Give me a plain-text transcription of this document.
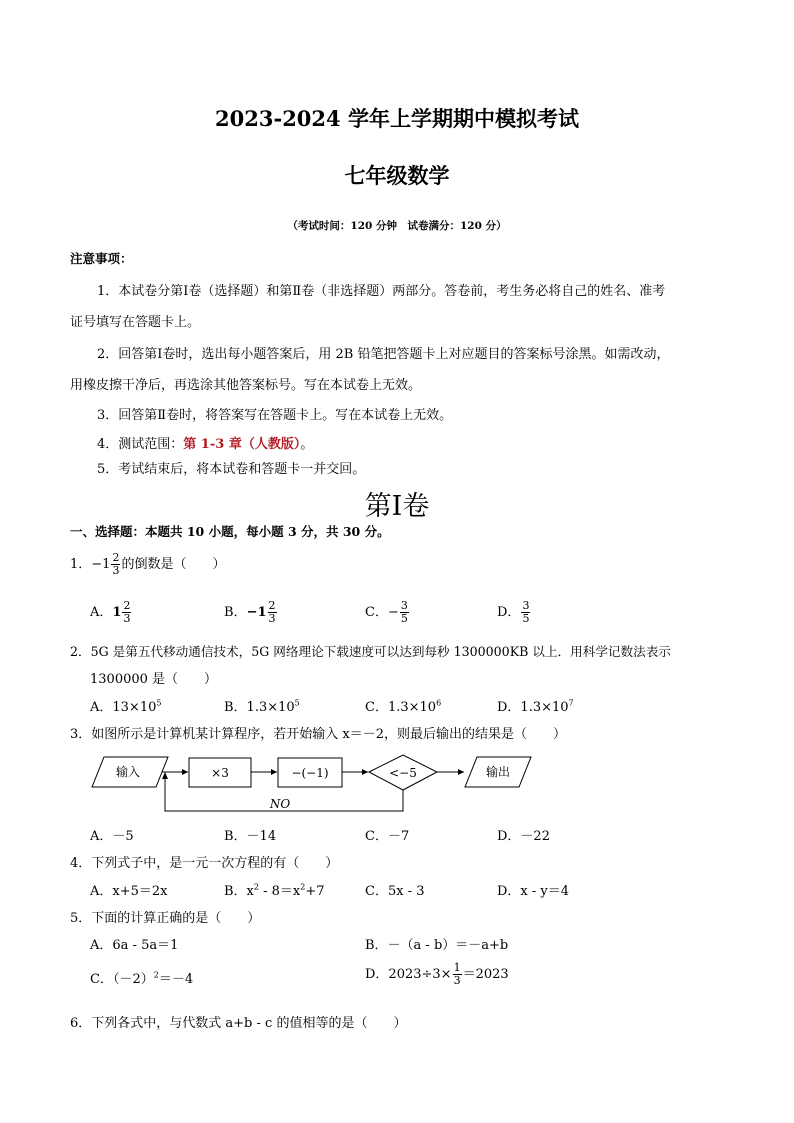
2023-2024 学年上学期期中模拟考试
七年级数学
（考试时间：120 分钟　试卷满分：120 分）
注意事项：
1．本试卷分第Ⅰ卷（选择题）和第Ⅱ卷（非选择题）两部分。答卷前，考生务必将自己的姓名、准考
证号填写在答题卡上。
2．回答第Ⅰ卷时，选出每小题答案后，用 2B 铅笔把答题卡上对应题目的答案标号涂黑。如需改动，
用橡皮擦干净后，再选涂其他答案标号。写在本试卷上无效。
3．回答第Ⅱ卷时，将答案写在答题卡上。写在本试卷上无效。
4．测试范围：第 1-3 章（人教版）。
5．考试结束后，将本试卷和答题卡一并交回。
第Ⅰ卷
一、选择题：本题共 10 小题，每小题 3 分，共 30 分。
1．$-1 \frac{2}{3}$ 的倒数是（　　）
A．$1 \frac{2}{3}$	B．$-1 \frac{2}{3}$	C．− $\frac{3}{5}$	D． $\frac{3}{5}$
2．5G 是第五代移动通信技术，5G 网络理论下载速度可以达到每秒 1300000KB 以上．用科学记数法表示
1300000 是（　　）
A．$13\times 10^5$	B．$1.3\times 10^5$	C．$1.3\times 10^6$	D．$1.3\times 10^7$
3．如图所示是计算机某计算程序，若开始输入 x＝－2，则最后输出的结果是（　　）
输入	×3	−(−1)	<−5	输出
NO
A．－5	B．－14	C．－7	D．－22
4．下列式子中，是一元一次方程的有（　　）
A．x+5＝2x	B．$x^2 - 8=x^2+7$	C．5x - 3	D．x - y＝4
5．下面的计算正确的是（　　）
A．6a - 5a＝1	B．－（a - b）＝－a+b
C．$(-2)^2=-4$	D．$2023\div 3\times \frac{1}{3} =2023$
6．下列各式中，与代数式 a+b - c 的值相等的是（　　）
